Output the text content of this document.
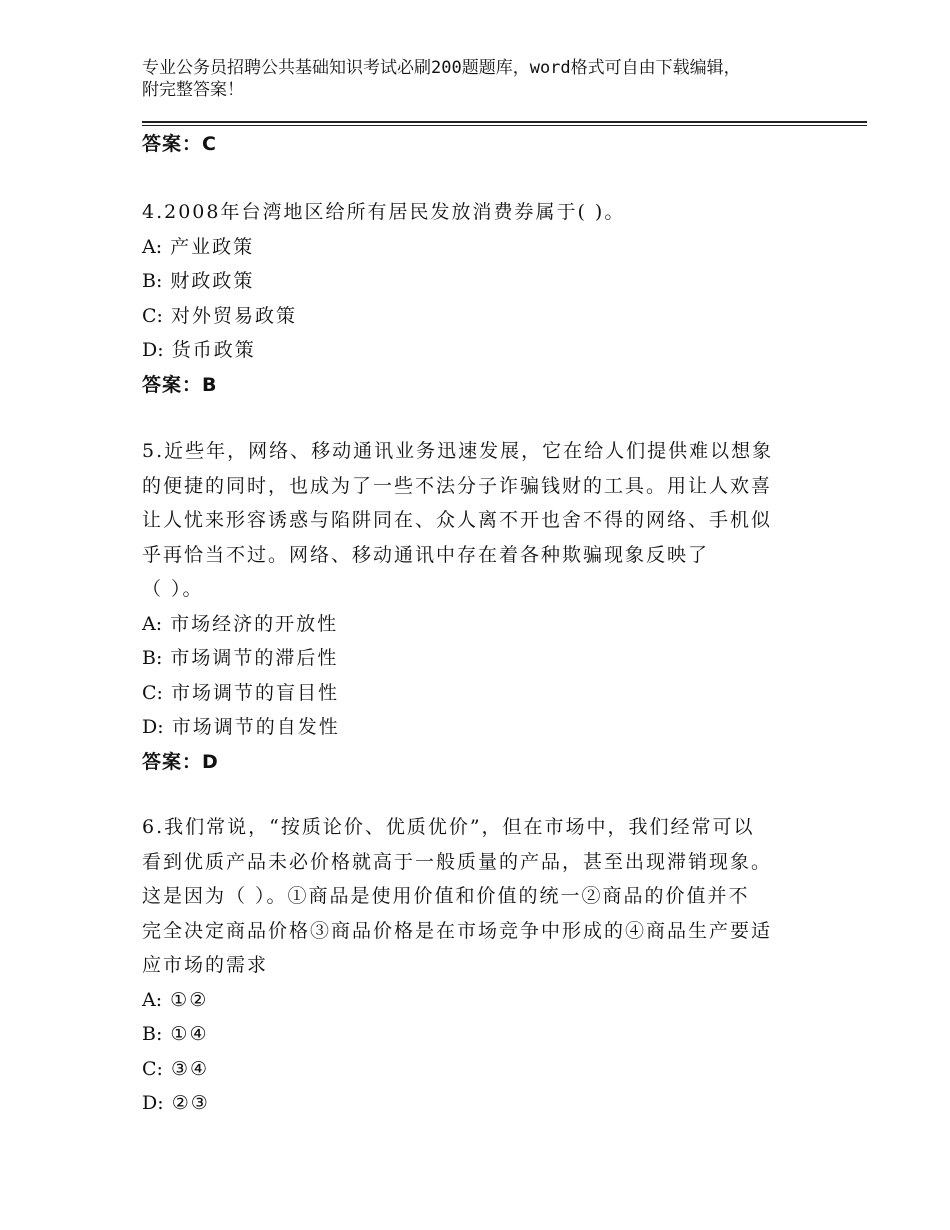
专业公务员招聘公共基础知识考试必刷200题题库，word格式可自由下载编辑，
附完整答案！
答案：C
4.2008年台湾地区给所有居民发放消费券属于( )。
A: 产业政策
B: 财政政策
C: 对外贸易政策
D: 货币政策
答案：B
5.近些年，网络、移动通讯业务迅速发展，它在给人们提供难以想象
的便捷的同时，也成为了一些不法分子诈骗钱财的工具。用让人欢喜
让人忧来形容诱惑与陷阱同在、众人离不开也舍不得的网络、手机似
乎再恰当不过。网络、移动通讯中存在着各种欺骗现象反映了
（ ）。
A: 市场经济的开放性
B: 市场调节的滞后性
C: 市场调节的盲目性
D: 市场调节的自发性
答案：D
6.我们常说，“按质论价、优质优价”，但在市场中，我们经常可以
看到优质产品未必价格就高于一般质量的产品，甚至出现滞销现象。
这是因为（ ）。①商品是使用价值和价值的统一②商品的价值并不
完全决定商品价格③商品价格是在市场竞争中形成的④商品生产要适
应市场的需求
A: ①②
B: ①④
C: ③④
D: ②③
